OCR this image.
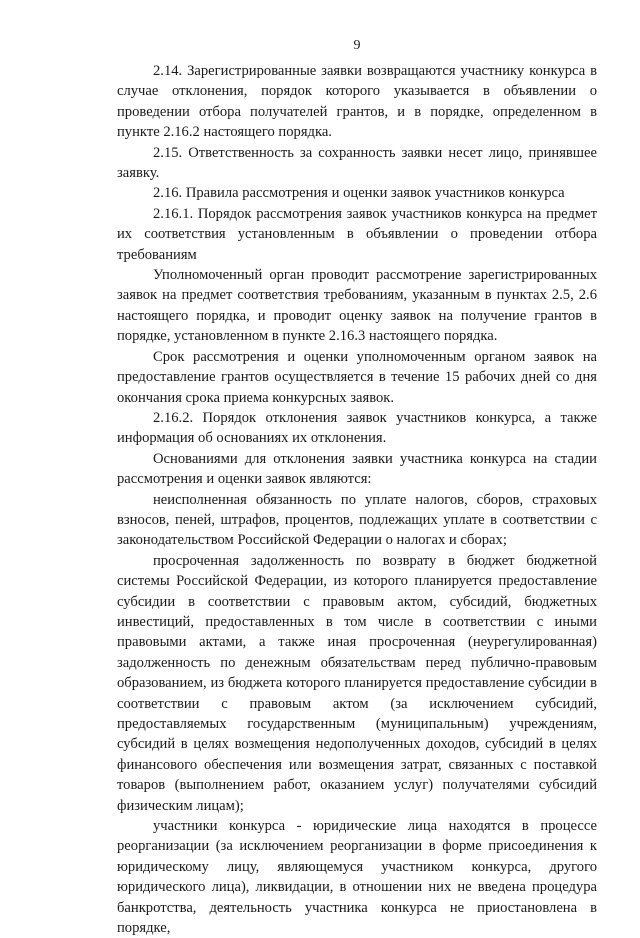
9

2.14. Зарегистрированные заявки возвращаются участнику конкурса в случае отклонения, порядок которого указывается в объявлении о проведении отбора получателей грантов, и в порядке, определенном в пункте 2.16.2 настоящего порядка.

2.15. Ответственность за сохранность заявки несет лицо, принявшее заявку.

2.16. Правила рассмотрения и оценки заявок участников конкурса

2.16.1. Порядок рассмотрения заявок участников конкурса на предмет их соответствия установленным в объявлении о проведении отбора требованиям

Уполномоченный орган проводит рассмотрение зарегистрированных заявок на предмет соответствия требованиям, указанным в пунктах 2.5, 2.6 настоящего порядка, и проводит оценку заявок на получение грантов в порядке, установленном в пункте 2.16.3 настоящего порядка.

Срок рассмотрения и оценки уполномоченным органом заявок на предоставление грантов осуществляется в течение 15 рабочих дней со дня окончания срока приема конкурсных заявок.

2.16.2. Порядок отклонения заявок участников конкурса, а также информация об основаниях их отклонения.

Основаниями для отклонения заявки участника конкурса на стадии рассмотрения и оценки заявок являются:

неисполненная обязанность по уплате налогов, сборов, страховых взносов, пеней, штрафов, процентов, подлежащих уплате в соответствии с законодательством Российской Федерации о налогах и сборах;

просроченная задолженность по возврату в бюджет бюджетной системы Российской Федерации, из которого планируется предоставление субсидии в соответствии с правовым актом, субсидий, бюджетных инвестиций, предоставленных в том числе в соответствии с иными правовыми актами, а также иная просроченная (неурегулированная) задолженность по денежным обязательствам перед публично-правовым образованием, из бюджета которого планируется предоставление субсидии в соответствии с правовым актом (за исключением субсидий, предоставляемых государственным (муниципальным) учреждениям, субсидий в целях возмещения недополученных доходов, субсидий в целях финансового обеспечения или возмещения затрат, связанных с поставкой товаров (выполнением работ, оказанием услуг) получателями субсидий физическим лицам);

участники конкурса - юридические лица находятся в процессе реорганизации (за исключением реорганизации в форме присоединения к юридическому лицу, являющемуся участником конкурса, другого юридического лица), ликвидации, в отношении них не введена процедура банкротства, деятельность участника конкурса не приостановлена в порядке,
